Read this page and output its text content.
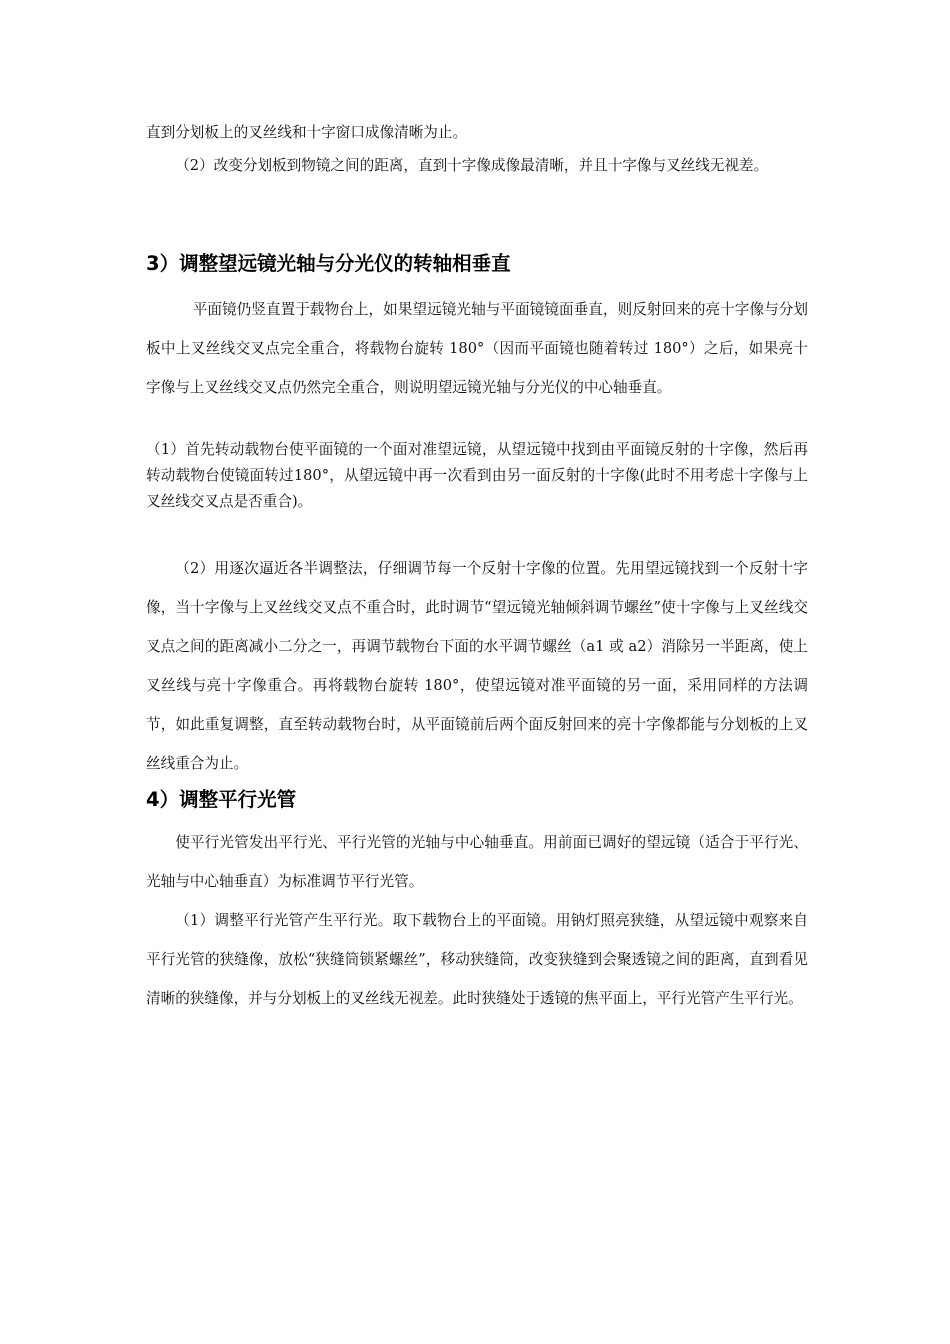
直到分划板上的叉丝线和十字窗口成像清晰为止。

（2）改变分划板到物镜之间的距离，直到十字像成像最清晰，并且十字像与叉丝线无视差。

3）调整望远镜光轴与分光仪的转轴相垂直

平面镜仍竖直置于载物台上，如果望远镜光轴与平面镜镜面垂直，则反射回来的亮十字像与分划板中上叉丝线交叉点完全重合，将载物台旋转 180°（因而平面镜也随着转过 180°）之后，如果亮十字像与上叉丝线交叉点仍然完全重合，则说明望远镜光轴与分光仪的中心轴垂直。

（1）首先转动载物台使平面镜的一个面对准望远镜，从望远镜中找到由平面镜反射的十字像，然后再转动载物台使镜面转过180°，从望远镜中再一次看到由另一面反射的十字像(此时不用考虑十字像与上叉丝线交叉点是否重合)。

（2）用逐次逼近各半调整法，仔细调节每一个反射十字像的位置。先用望远镜找到一个反射十字像，当十字像与上叉丝线交叉点不重合时，此时调节“望远镜光轴倾斜调节螺丝”使十字像与上叉丝线交叉点之间的距离减小二分之一，再调节载物台下面的水平调节螺丝（a1 或 a2）消除另一半距离，使上叉丝线与亮十字像重合。再将载物台旋转 180°，使望远镜对准平面镜的另一面，采用同样的方法调节，如此重复调整，直至转动载物台时，从平面镜前后两个面反射回来的亮十字像都能与分划板的上叉丝线重合为止。

4）调整平行光管

使平行光管发出平行光、平行光管的光轴与中心轴垂直。用前面已调好的望远镜（适合于平行光、光轴与中心轴垂直）为标准调节平行光管。

（1）调整平行光管产生平行光。取下载物台上的平面镜。用钠灯照亮狭缝，从望远镜中观察来自平行光管的狭缝像，放松“狭缝筒锁紧螺丝”，移动狭缝筒，改变狭缝到会聚透镜之间的距离，直到看见清晰的狭缝像，并与分划板上的叉丝线无视差。此时狭缝处于透镜的焦平面上，平行光管产生平行光。
